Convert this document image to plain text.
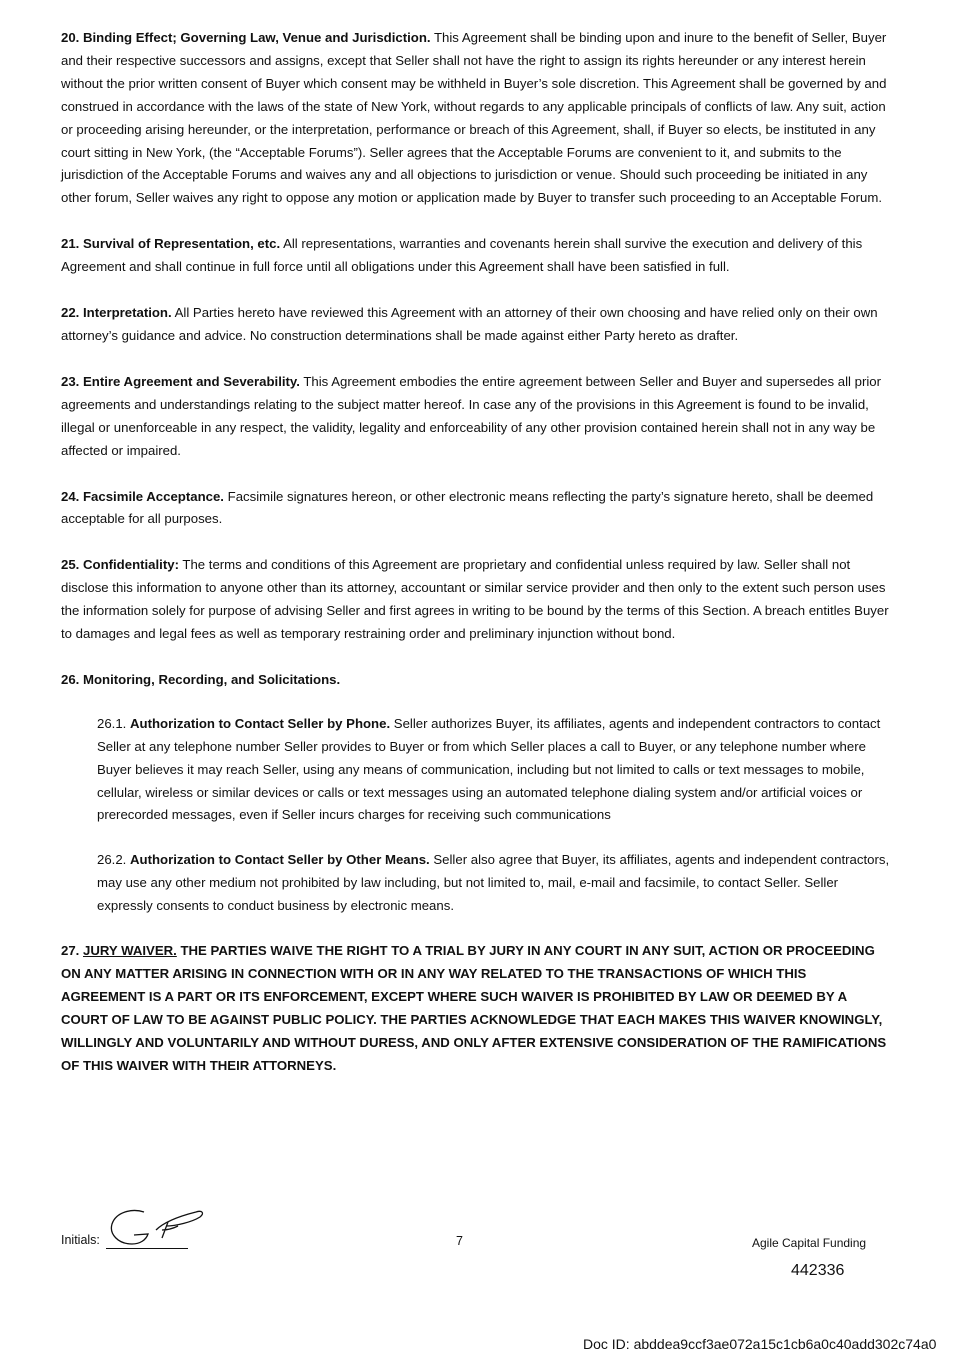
20. Binding Effect; Governing Law, Venue and Jurisdiction. This Agreement shall be binding upon and inure to the benefit of Seller, Buyer and their respective successors and assigns, except that Seller shall not have the right to assign its rights hereunder or any interest herein without the prior written consent of Buyer which consent may be withheld in Buyer’s sole discretion. This Agreement shall be governed by and construed in accordance with the laws of the state of New York, without regards to any applicable principals of conflicts of law. Any suit, action or proceeding arising hereunder, or the interpretation, performance or breach of this Agreement, shall, if Buyer so elects, be instituted in any court sitting in New York, (the “Acceptable Forums”). Seller agrees that the Acceptable Forums are convenient to it, and submits to the jurisdiction of the Acceptable Forums and waives any and all objections to jurisdiction or venue. Should such proceeding be initiated in any other forum, Seller waives any right to oppose any motion or application made by Buyer to transfer such proceeding to an Acceptable Forum.

21. Survival of Representation, etc. All representations, warranties and covenants herein shall survive the execution and delivery of this Agreement and shall continue in full force until all obligations under this Agreement shall have been satisfied in full.

22. Interpretation. All Parties hereto have reviewed this Agreement with an attorney of their own choosing and have relied only on their own attorney’s guidance and advice. No construction determinations shall be made against either Party hereto as drafter.

23. Entire Agreement and Severability. This Agreement embodies the entire agreement between Seller and Buyer and supersedes all prior agreements and understandings relating to the subject matter hereof. In case any of the provisions in this Agreement is found to be invalid, illegal or unenforceable in any respect, the validity, legality and enforceability of any other provision contained herein shall not in any way be affected or impaired.

24. Facsimile Acceptance. Facsimile signatures hereon, or other electronic means reflecting the party’s signature hereto, shall be deemed acceptable for all purposes.

25. Confidentiality: The terms and conditions of this Agreement are proprietary and confidential unless required by law. Seller shall not disclose this information to anyone other than its attorney, accountant or similar service provider and then only to the extent such person uses the information solely for purpose of advising Seller and first agrees in writing to be bound by the terms of this Section. A breach entitles Buyer to damages and legal fees as well as temporary restraining order and preliminary injunction without bond.

26. Monitoring, Recording, and Solicitations.

26.1. Authorization to Contact Seller by Phone. Seller authorizes Buyer, its affiliates, agents and independent contractors to contact Seller at any telephone number Seller provides to Buyer or from which Seller places a call to Buyer, or any telephone number where Buyer believes it may reach Seller, using any means of communication, including but not limited to calls or text messages to mobile, cellular, wireless or similar devices or calls or text messages using an automated telephone dialing system and/or artificial voices or prerecorded messages, even if Seller incurs charges for receiving such communications

26.2. Authorization to Contact Seller by Other Means. Seller also agree that Buyer, its affiliates, agents and independent contractors, may use any other medium not prohibited by law including, but not limited to, mail, e-mail and facsimile, to contact Seller. Seller expressly consents to conduct business by electronic means.

27. JURY WAIVER. THE PARTIES WAIVE THE RIGHT TO A TRIAL BY JURY IN ANY COURT IN ANY SUIT, ACTION OR PROCEEDING ON ANY MATTER ARISING IN CONNECTION WITH OR IN ANY WAY RELATED TO THE TRANSACTIONS OF WHICH THIS AGREEMENT IS A PART OR ITS ENFORCEMENT, EXCEPT WHERE SUCH WAIVER IS PROHIBITED BY LAW OR DEEMED BY A COURT OF LAW TO BE AGAINST PUBLIC POLICY. THE PARTIES ACKNOWLEDGE THAT EACH MAKES THIS WAIVER KNOWINGLY, WILLINGLY AND VOLUNTARILY AND WITHOUT DURESS, AND ONLY AFTER EXTENSIVE CONSIDERATION OF THE RAMIFICATIONS OF THIS WAIVER WITH THEIR ATTORNEYS.

Initials:	7	Agile Capital Funding
442336
Doc ID: abddea9ccf3ae072a15c1cb6a0c40add302c74a0
